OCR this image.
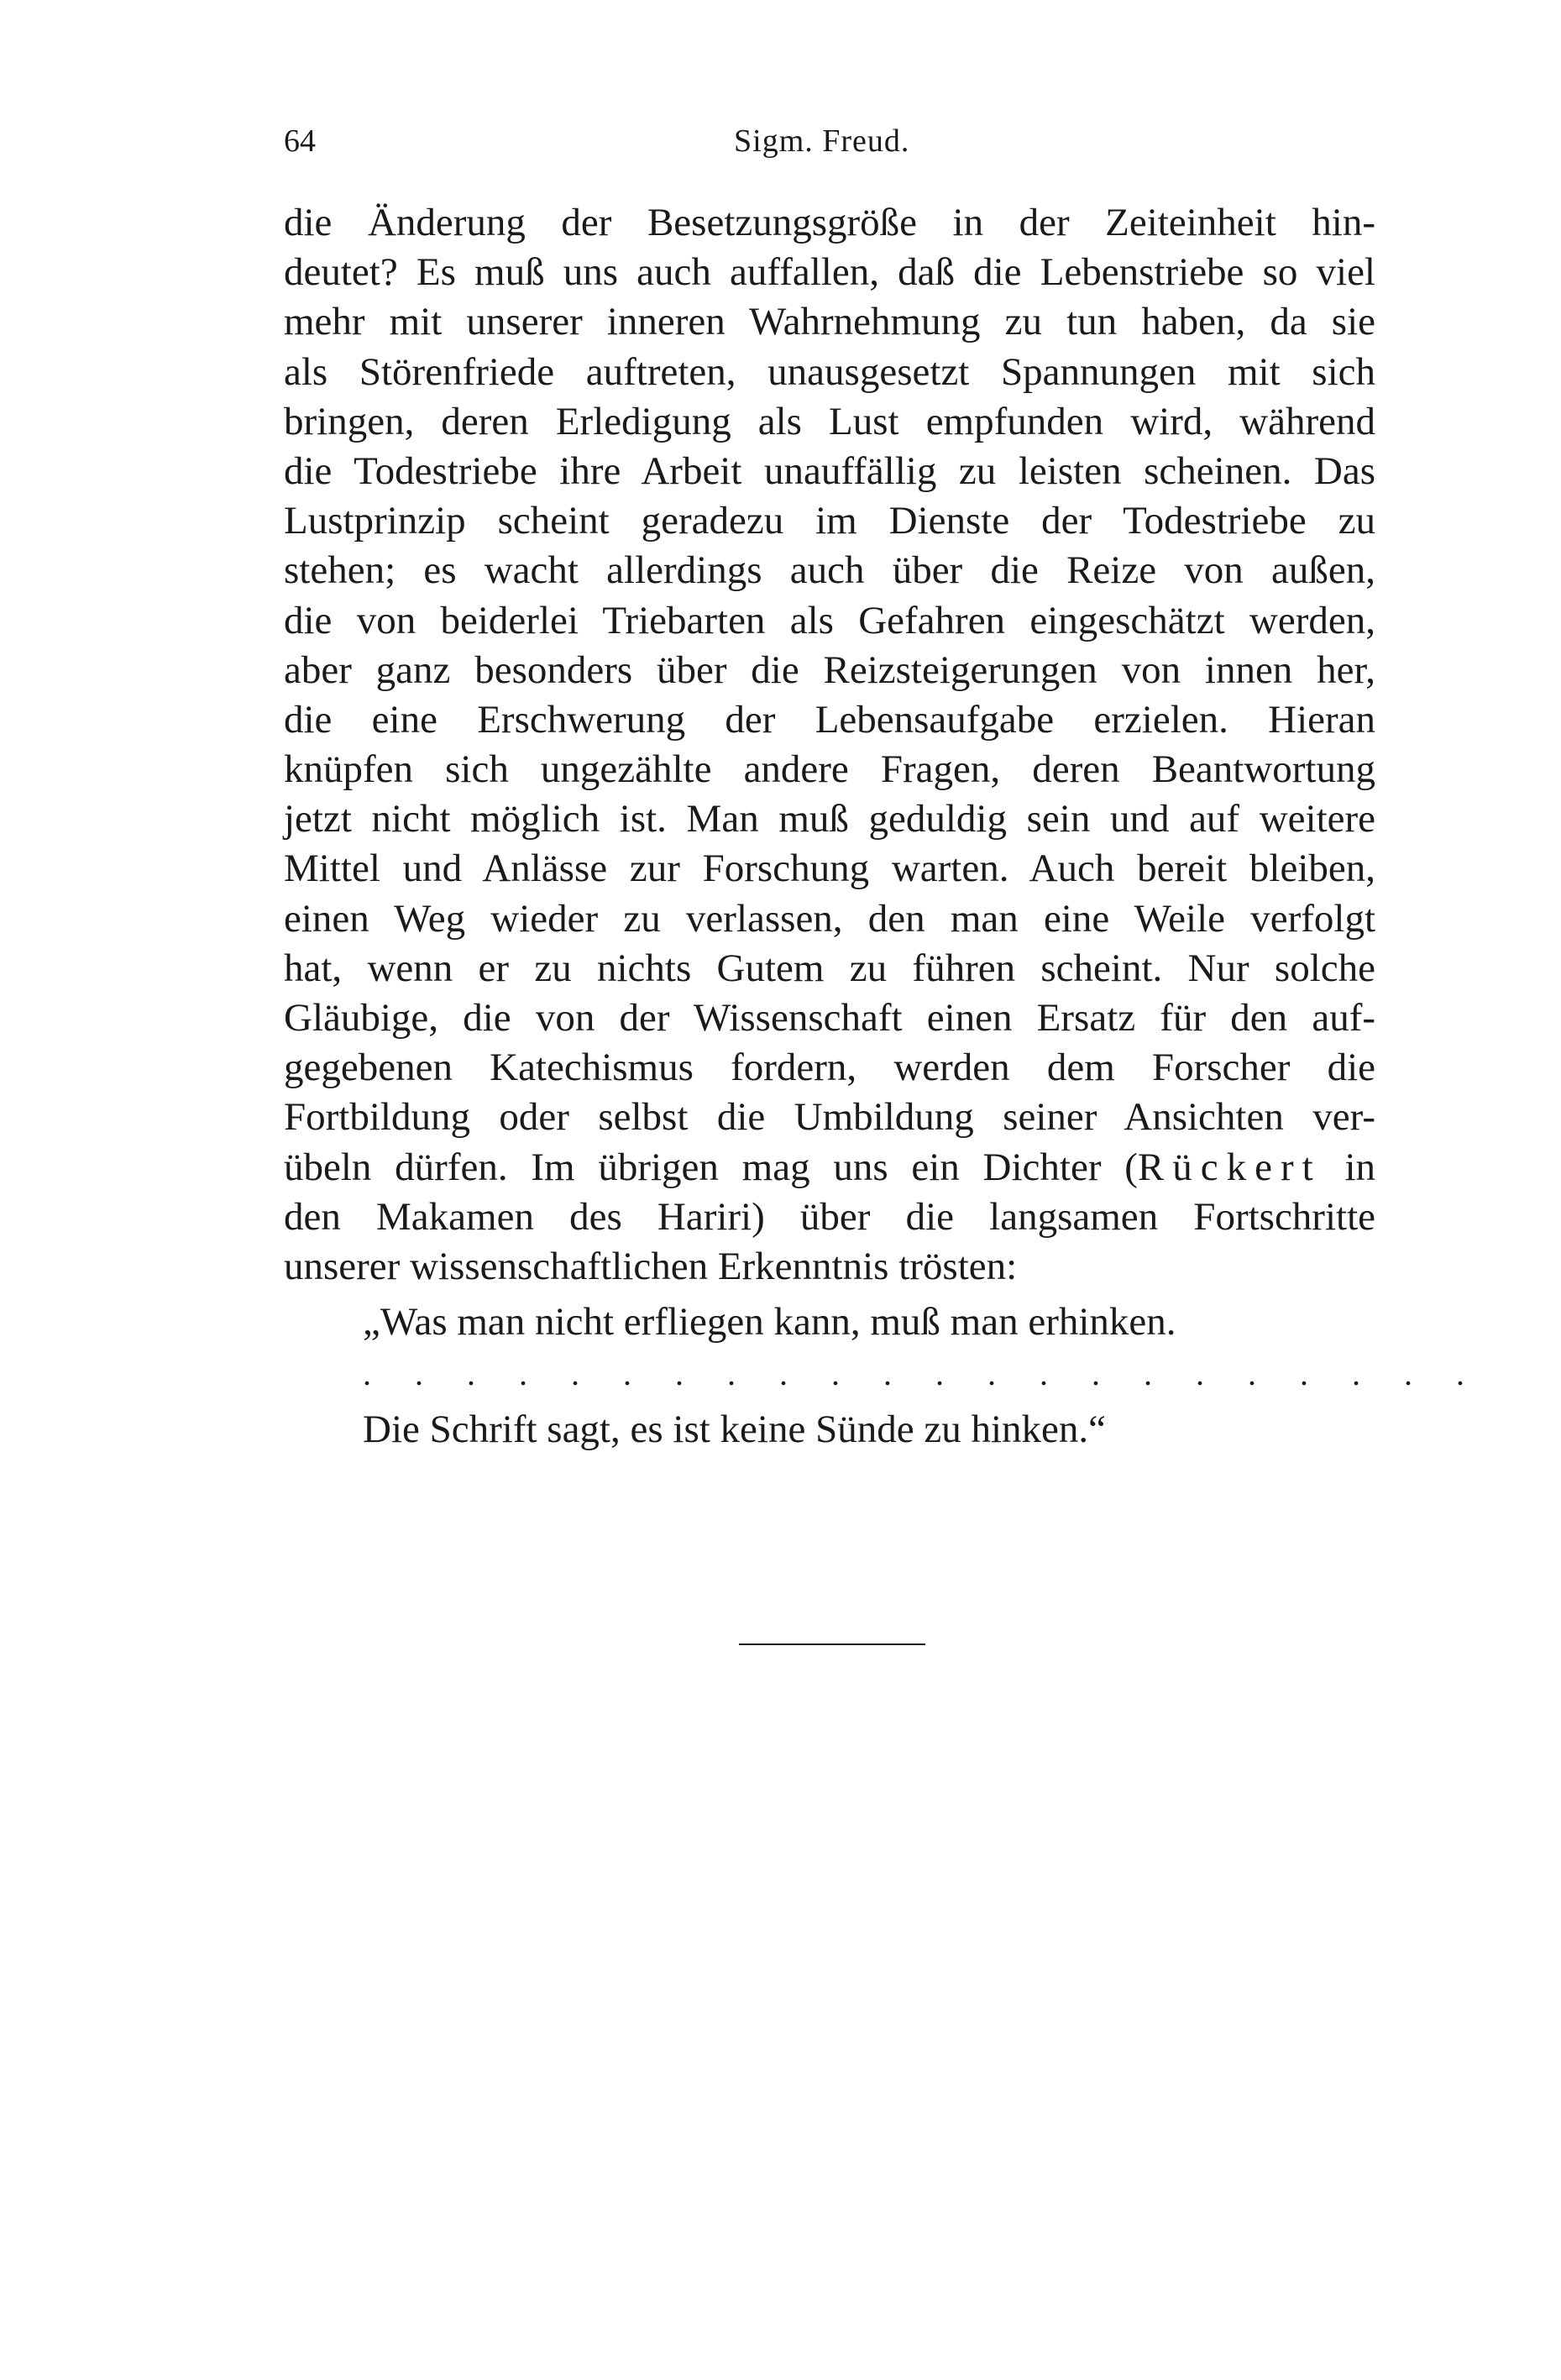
64	Sigm. Freud.
die Änderung der Besetzungsgröße in der Zeiteinheit hin-
deutet? Es muß uns auch auffallen, daß die Lebenstriebe so viel
mehr mit unserer inneren Wahrnehmung zu tun haben, da sie
als Störenfriede auftreten, unausgesetzt Spannungen mit sich
bringen, deren Erledigung als Lust empfunden wird, während
die Todestriebe ihre Arbeit unauffällig zu leisten scheinen. Das
Lustprinzip scheint geradezu im Dienste der Todestriebe zu
stehen; es wacht allerdings auch über die Reize von außen,
die von beiderlei Triebarten als Gefahren eingeschätzt werden,
aber ganz besonders über die Reizsteigerungen von innen her,
die eine Erschwerung der Lebensaufgabe erzielen. Hieran
knüpfen sich ungezählte andere Fragen, deren Beantwortung
jetzt nicht möglich ist. Man muß geduldig sein und auf weitere
Mittel und Anlässe zur Forschung warten. Auch bereit bleiben,
einen Weg wieder zu verlassen, den man eine Weile verfolgt
hat, wenn er zu nichts Gutem zu führen scheint. Nur solche
Gläubige, die von der Wissenschaft einen Ersatz für den auf-
gegebenen Katechismus fordern, werden dem Forscher die
Fortbildung oder selbst die Umbildung seiner Ansichten ver-
übeln dürfen. Im übrigen mag uns ein Dichter (Rückert in
den Makamen des Hariri) über die langsamen Fortschritte
unserer wissenschaftlichen Erkenntnis trösten:
„Was man nicht erfliegen kann, muß man erhinken.
. . . . . . . . . . . . . . . . . . . . . .
Die Schrift sagt, es ist keine Sünde zu hinken.“
